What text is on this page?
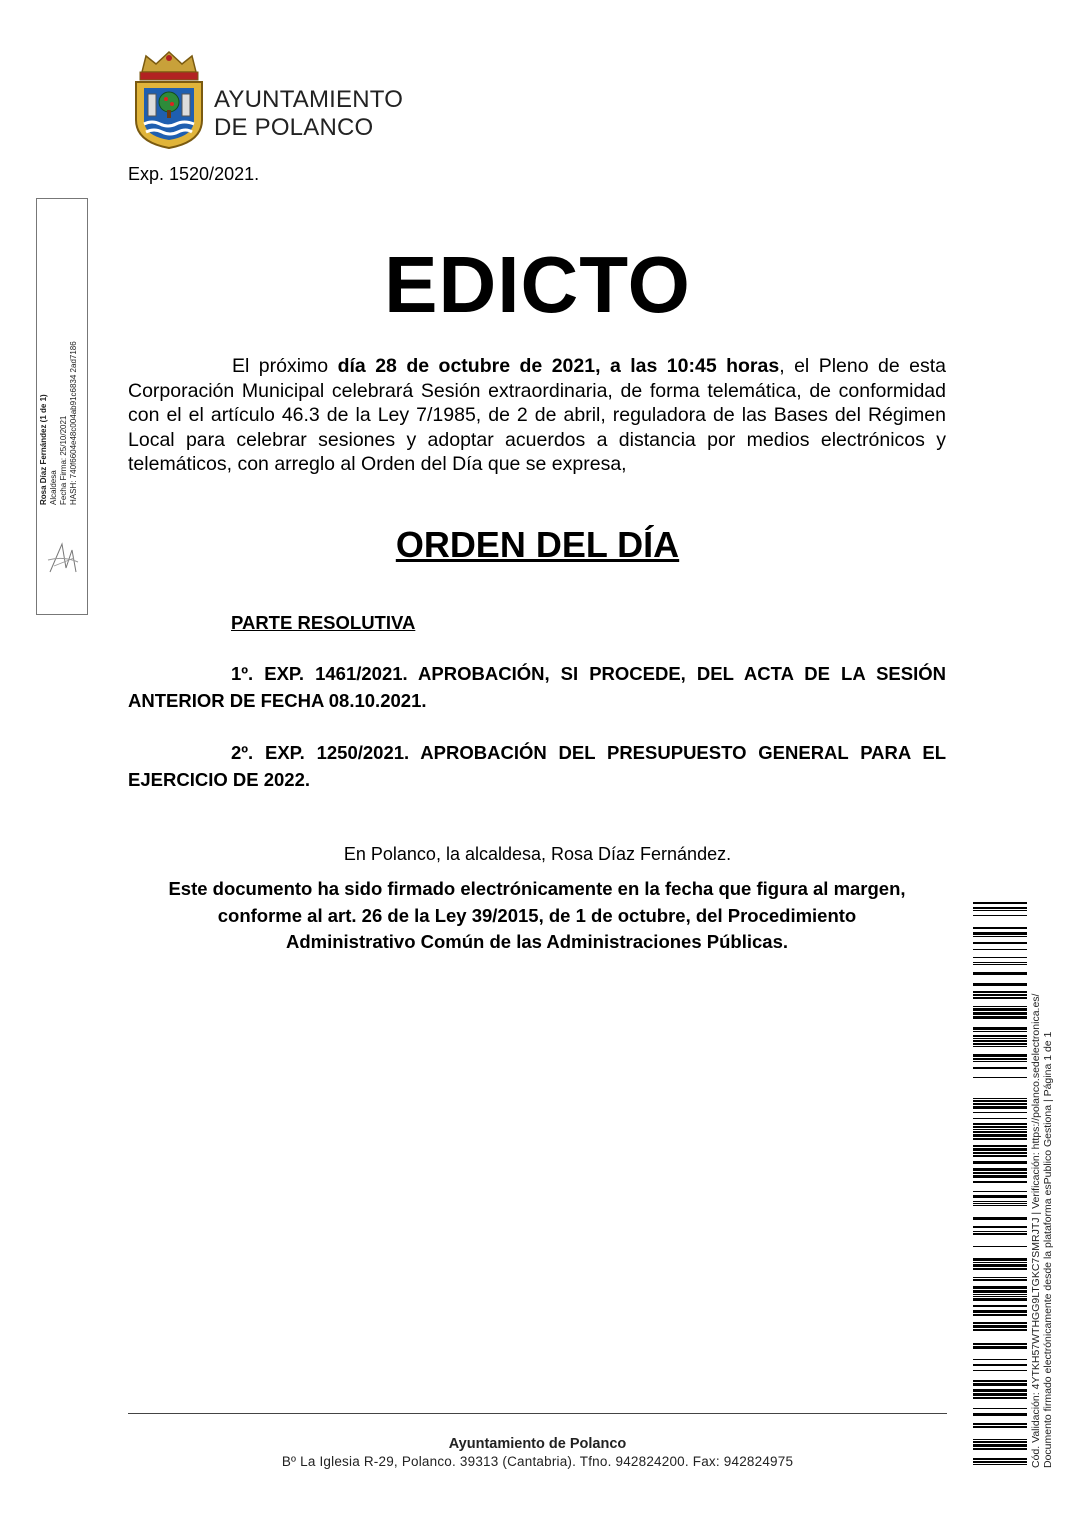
AYUNTAMIENTO
DE POLANCO
Exp. 1520/2021.
Rosa Díaz Fernández (1 de 1) Alcaldesa Fecha Firma: 25/10/2021 HASH: 740f6604e48c004ab91c6834 2ad7186
EDICTO
El próximo día 28 de octubre de 2021, a las 10:45 horas, el Pleno de esta Corporación Municipal celebrará Sesión extraordinaria, de forma telemática, de conformidad con el el artículo 46.3 de la Ley 7/1985, de 2 de abril, reguladora de las Bases del Régimen Local para celebrar sesiones y adoptar acuerdos a distancia por medios electrónicos y telemáticos, con arreglo al Orden del Día que se expresa,
ORDEN DEL DÍA
PARTE RESOLUTIVA
1º. EXP. 1461/2021. APROBACIÓN, SI PROCEDE, DEL ACTA DE LA SESIÓN ANTERIOR DE FECHA 08.10.2021.
2º. EXP. 1250/2021. APROBACIÓN DEL PRESUPUESTO GENERAL PARA EL EJERCICIO DE 2022.
En Polanco, la alcaldesa, Rosa Díaz Fernández.
Este documento ha sido firmado electrónicamente en la fecha que figura al margen,
conforme al art. 26 de la Ley 39/2015, de 1 de octubre, del Procedimiento
Administrativo Común de las Administraciones Públicas.
Cód. Validación: 4YTKH57WTHGG9LTGKC7SMRJTJ | Verificación: https://polanco.sedelectronica.es/ Documento firmado electrónicamente desde la plataforma esPublico Gestiona | Página 1 de 1
Ayuntamiento de Polanco
Bº La Iglesia R-29, Polanco. 39313 (Cantabria). Tfno. 942824200. Fax: 942824975
